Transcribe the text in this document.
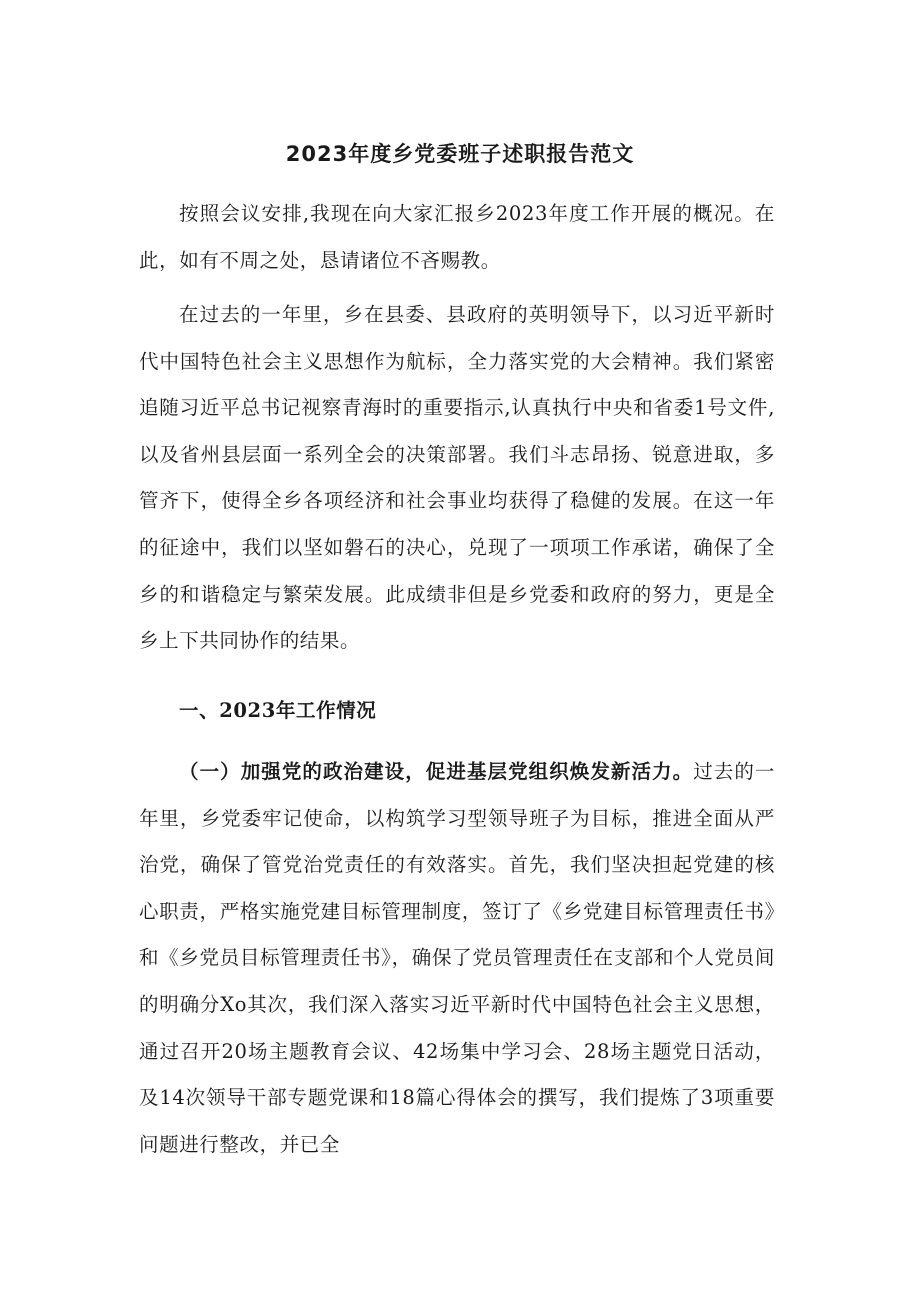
2023年度乡党委班子述职报告范文

按照会议安排,我现在向大家汇报乡2023年度工作开展的概况。在此，如有不周之处，恳请诸位不吝赐教。

在过去的一年里，乡在县委、县政府的英明领导下，以习近平新时代中国特色社会主义思想作为航标，全力落实党的大会精神。我们紧密追随习近平总书记视察青海时的重要指示,认真执行中央和省委1号文件,以及省州县层面一系列全会的决策部署。我们斗志昂扬、锐意进取，多管齐下，使得全乡各项经济和社会事业均获得了稳健的发展。在这一年的征途中，我们以坚如磐石的决心，兑现了一项项工作承诺，确保了全乡的和谐稳定与繁荣发展。此成绩非但是乡党委和政府的努力，更是全乡上下共同协作的结果。

一、2023年工作情况

（一）加强党的政治建设，促进基层党组织焕发新活力。过去的一年里，乡党委牢记使命，以构筑学习型领导班子为目标，推进全面从严治党，确保了管党治党责任的有效落实。首先，我们坚决担起党建的核心职责，严格实施党建目标管理制度，签订了《乡党建目标管理责任书》和《乡党员目标管理责任书》，确保了党员管理责任在支部和个人党员间的明确分Xo其次，我们深入落实习近平新时代中国特色社会主义思想，通过召开20场主题教育会议、42场集中学习会、28场主题党日活动，及14次领导干部专题党课和18篇心得体会的撰写，我们提炼了3项重要问题进行整改，并已全
